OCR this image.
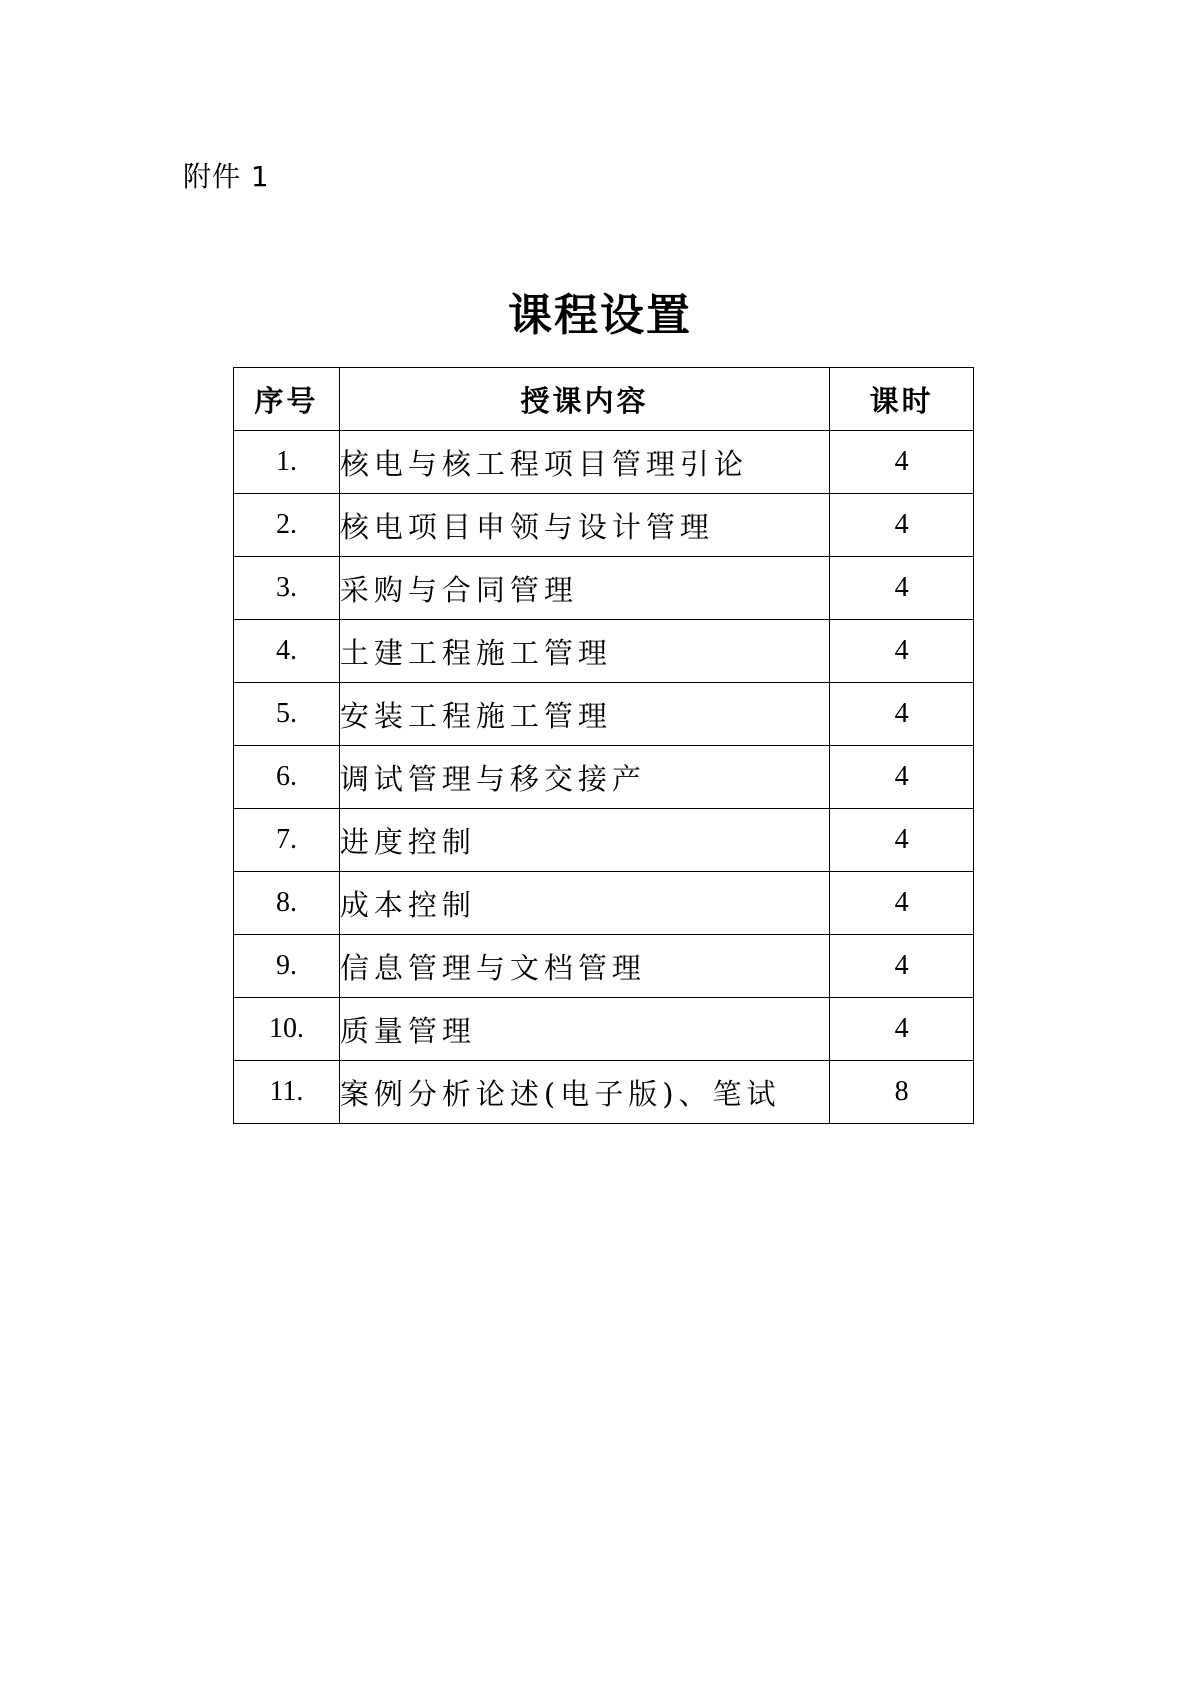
附件 1
课程设置
序号	授课内容	课时
1.	核电与核工程项目管理引论	4
2.	核电项目申领与设计管理	4
3.	采购与合同管理	4
4.	土建工程施工管理	4
5.	安装工程施工管理	4
6.	调试管理与移交接产	4
7.	进度控制	4
8.	成本控制	4
9.	信息管理与文档管理	4
10.	质量管理	4
11.	案例分析论述(电子版)、笔试	8
